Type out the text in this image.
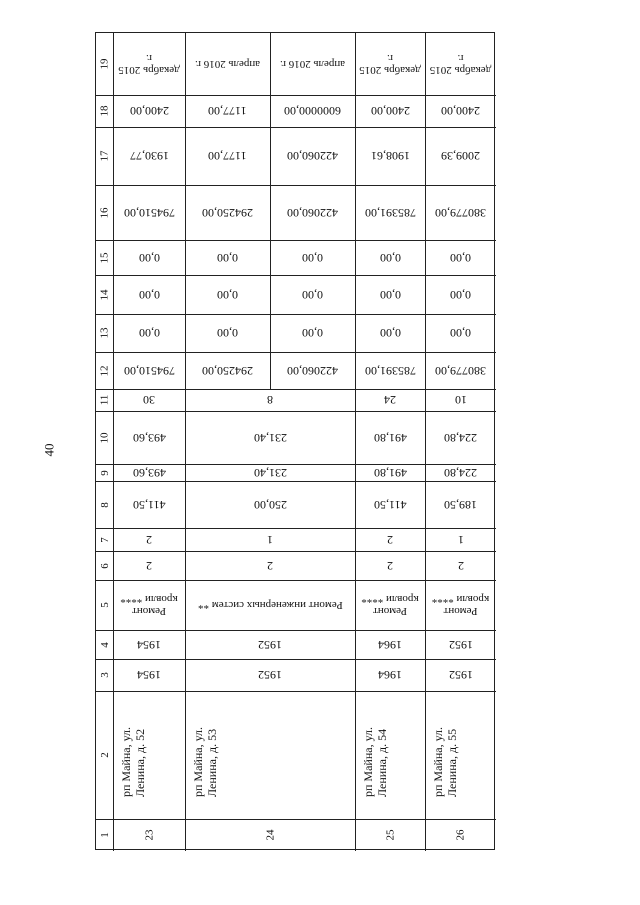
40
1
2
3
4
5
6
7
8
9
10
11
12
13
14
15
16
17
18
19
23
рп Майна, ул. Ленина, д. 52
1954
1954
Ремонт кровли ****
2
2
411,50
493,60
493,60
30
794510,00
0,00
0,00
0,00
794510,00
1930,77
2400,00
декабрь 2015 г.
24
рп Майна, ул. Ленина, д. 53
1952
1952
Ремонт инженерных систем **
2
1
250,00
231,40
231,40
8
294250,00
0,00
0,00
0,00
294250,00
1177,00
1177,00
апрель 2016 г.
422060,00
0,00
0,00
0,00
422060,00
422060,00
6000000,00
апрель 2016 г.
25
рп Майна, ул. Ленина, д. 54
1964
1964
Ремонт кровли ****
2
2
411,50
491,80
491,80
24
785391,00
0,00
0,00
0,00
785391,00
1908,61
2400,00
декабрь 2015 г.
26
рп Майна, ул. Ленина, д. 55
1952
1952
Ремонт кровли ****
2
1
189,50
224,80
224,80
10
380779,00
0,00
0,00
0,00
380779,00
2009,39
2400,00
декабрь 2015 г.
